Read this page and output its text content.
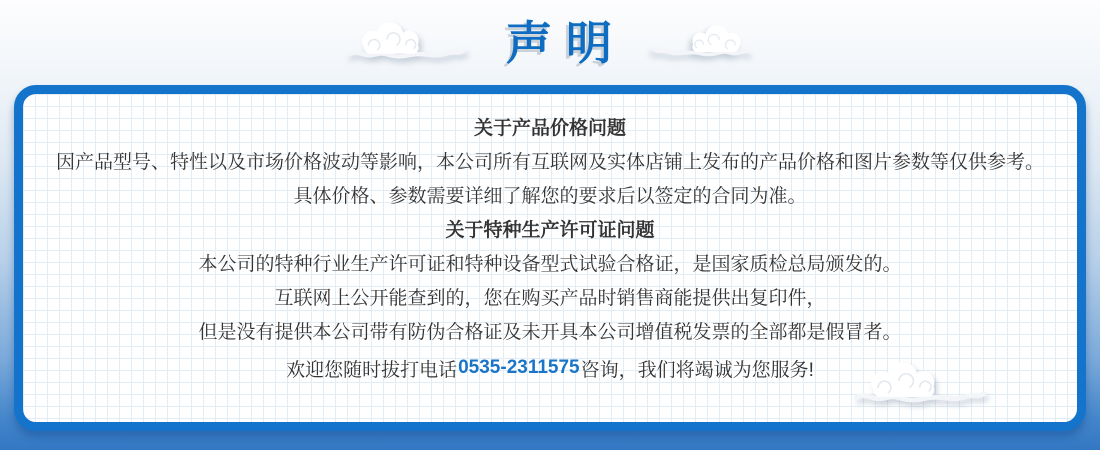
声明
关于产品价格问题

因产品型号、特性以及市场价格波动等影响，本公司所有互联网及实体店铺上发布的产品价格和图片参数等仅供参考。

具体价格、参数需要详细了解您的要求后以签定的合同为准。

关于特种生产许可证问题

本公司的特种行业生产许可证和特种设备型式试验合格证，是国家质检总局颁发的。

互联网上公开能查到的，您在购买产品时销售商能提供出复印件，

但是没有提供本公司带有防伪合格证及未开具本公司增值税发票的全部都是假冒者。

欢迎您随时拔打电话 0535-2311575 咨询，我们将竭诚为您服务!
